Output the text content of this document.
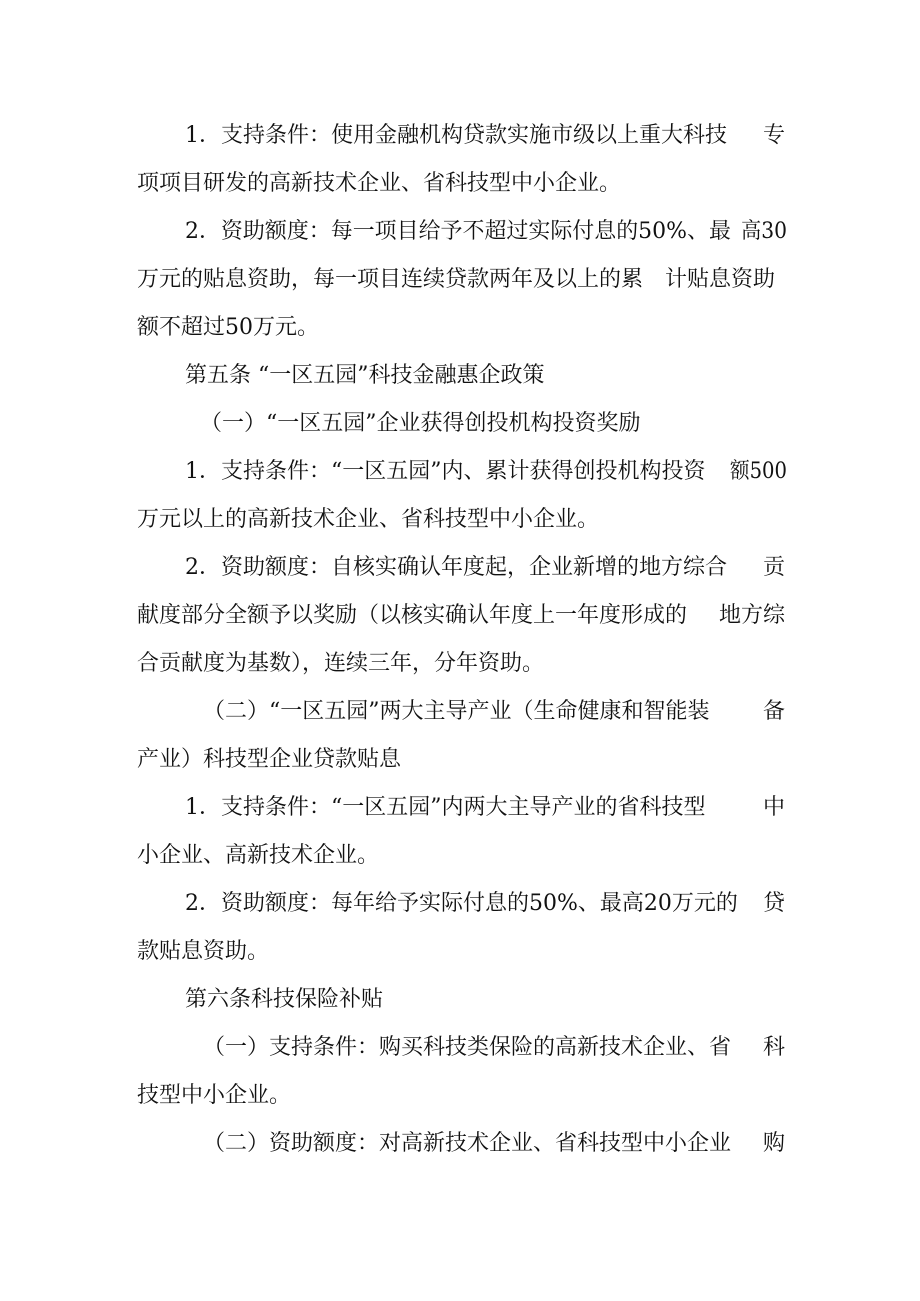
1．支持条件：使用金融机构贷款实施市级以上重大科技 专
项项目研发的高新技术企业、省科技型中小企业。
2．资助额度：每一项目给予不超过实际付息的50%、最 高30
万元的贴息资助，每一项目连续贷款两年及以上的累 计贴息资助
额不超过50万元。
第五条 “一区五园”科技金融惠企政策
（一）“一区五园”企业获得创投机构投资奖励
1．支持条件：“一区五园”内、累计获得创投机构投资 额500
万元以上的高新技术企业、省科技型中小企业。
2．资助额度：自核实确认年度起，企业新增的地方综合 贡
献度部分全额予以奖励（以核实确认年度上一年度形成的 地方综
合贡献度为基数），连续三年，分年资助。
（二）“一区五园”两大主导产业（生命健康和智能装 备
产业）科技型企业贷款贴息
1．支持条件：“一区五园”内两大主导产业的省科技型	中
小企业、高新技术企业。
2．资助额度：每年给予实际付息的50%、最高20万元的 贷
款贴息资助。
第六条科技保险补贴
（一）支持条件：购买科技类保险的高新技术企业、省 科
技型中小企业。
（二）资助额度：对高新技术企业、省科技型中小企业 购
